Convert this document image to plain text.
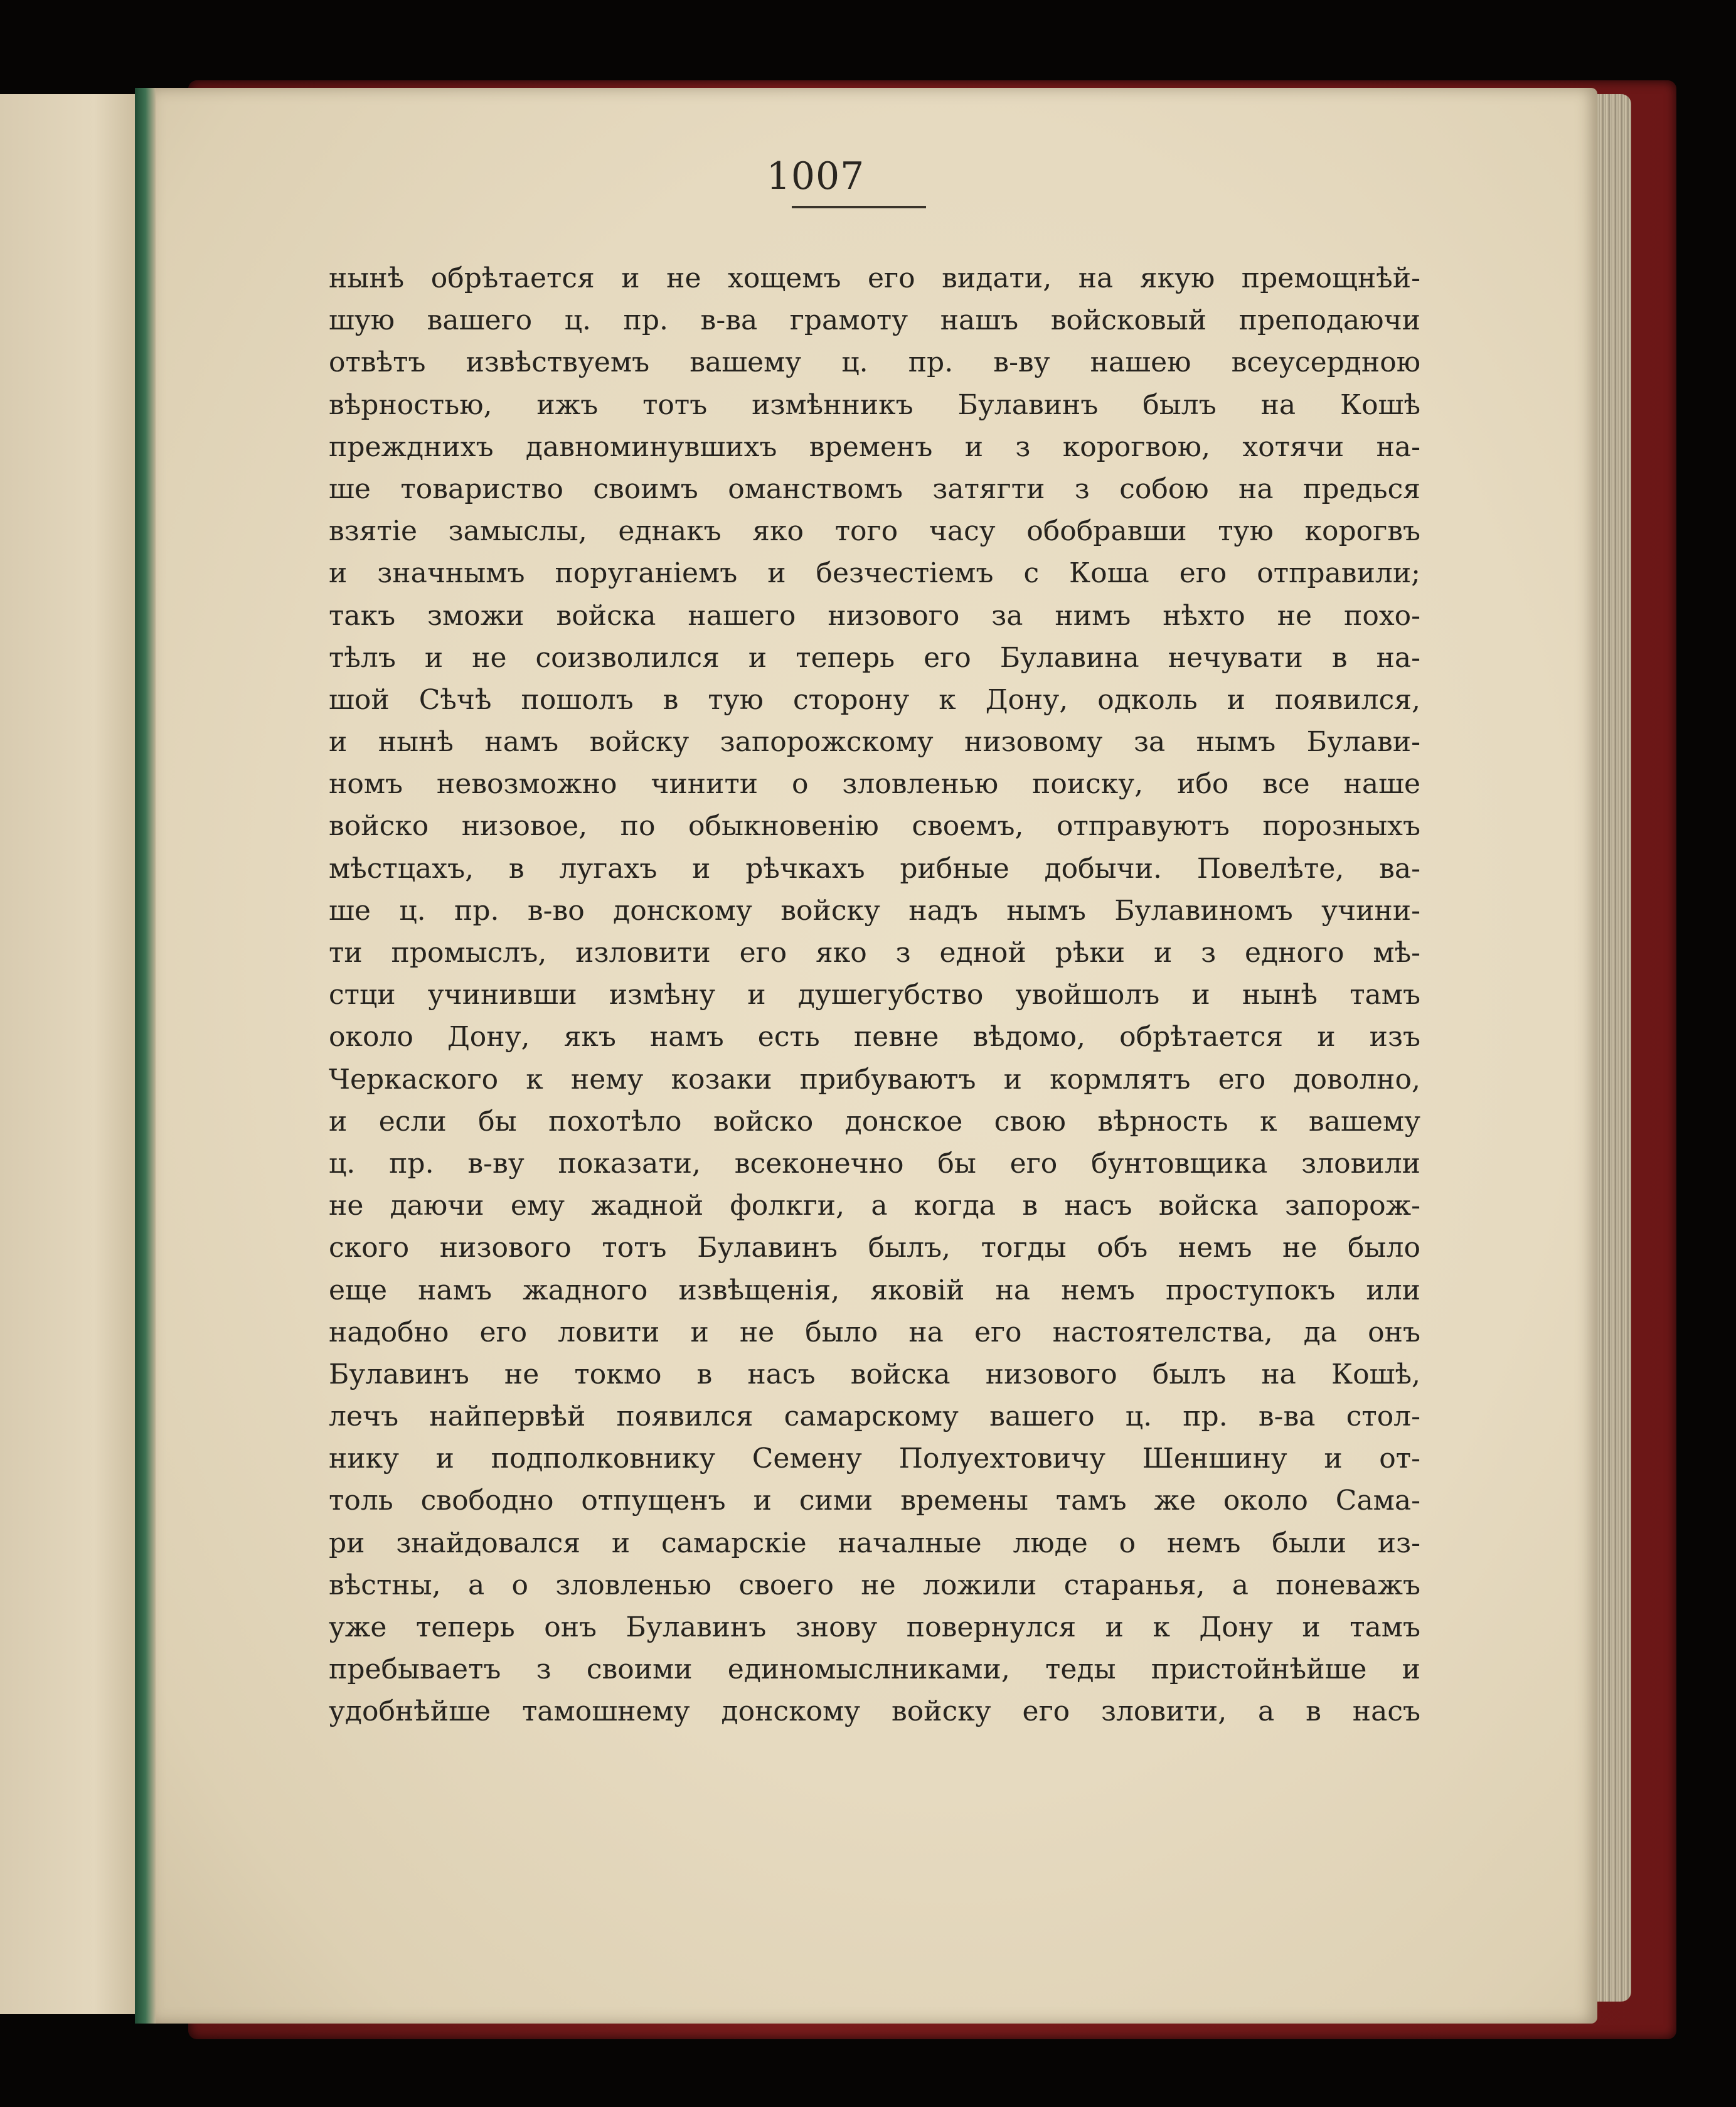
1007
нынѣ обрѣтается и не хощемъ его видати, на якую премощнѣй-
шую вашего ц. пр. в-ва грамоту нашъ войсковый преподаючи
отвѣтъ извѣствуемъ вашему ц. пр. в-ву нашею всеусердною
вѣрностью, ижъ тотъ измѣнникъ Булавинъ былъ на Кошѣ
прежднихъ давноминувшихъ временъ и з корогвою, хотячи на-
ше товариство своимъ оманствомъ затягти з собою на предься
взятіе замыслы, еднакъ яко того часу обобравши тую корогвъ
и значнымъ поруганіемъ и безчестіемъ с Коша его отправили;
такъ зможи войска нашего низового за нимъ нѣхто не похо-
тѣлъ и не соизволился и теперь его Булавина нечувати в на-
шой Сѣчѣ пошолъ в тую сторону к Дону, одколь и появился,
и нынѣ намъ войску запорожскому низовому за нымъ Булави-
номъ невозможно чинити о зловленью поиску, ибо все наше
войско низовое, по обыкновенію своемъ, отправуютъ порозныхъ
мѣстцахъ, в лугахъ и рѣчкахъ рибные добычи. Повелѣте, ва-
ше ц. пр. в-во донскому войску надъ нымъ Булавиномъ учини-
ти промыслъ, изловити его яко з едной рѣки и з едного мѣ-
стци учинивши измѣну и душегубство увойшолъ и нынѣ тамъ
около Дону, якъ намъ есть певне вѣдомо, обрѣтается и изъ
Черкаского к нему козаки прибуваютъ и кормлятъ его доволно,
и если бы похотѣло войско донское свою вѣрность к вашему
ц. пр. в-ву показати, всеконечно бы его бунтовщика зловили
не даючи ему жадной фолкги, а когда в насъ войска запорож-
ского низового тотъ Булавинъ былъ, тогды объ немъ не было
еще намъ жадного извѣщенія, яковій на немъ проступокъ или
надобно его ловити и не было на его настоятелства, да онъ
Булавинъ не токмо в насъ войска низового былъ на Кошѣ,
лечъ найпервѣй появился самарскому вашего ц. пр. в-ва стол-
нику и подполковнику Семену Полуехтовичу Шеншину и от-
толь свободно отпущенъ и сими времены тамъ же около Сама-
ри знайдовался и самарскіе началные люде о немъ были из-
вѣстны, а о зловленью своего не ложили старанья, а поневажъ
уже теперь онъ Булавинъ знову повернулся и к Дону и тамъ
пребываетъ з своими единомыслниками, теды пристойнѣйше и
удобнѣйше тамошнему донскому войску его зловити, а в насъ
